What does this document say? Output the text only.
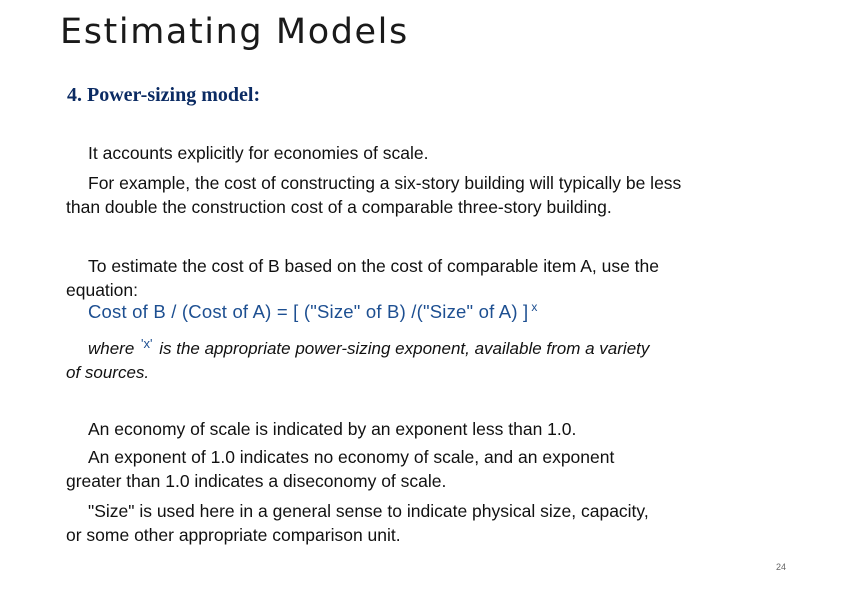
Estimating Models
4. Power-sizing model:
It accounts explicitly for economies of scale.
For example, the cost of constructing a six-story building will typically be less
than double the construction cost of a comparable three-story building.
To estimate the cost of B based on the cost of comparable item A, use the
equation:
Cost of B / (Cost of A) = [ ("Size" of B) /("Size" of A) ] $^x$
where $^{'x'}$ is the appropriate power-sizing exponent, available from a variety
of sources.
An economy of scale is indicated by an exponent less than 1.0.
An exponent of 1.0 indicates no economy of scale, and an exponent
greater than 1.0 indicates a diseconomy of scale.
"Size" is used here in a general sense to indicate physical size, capacity,
or some other appropriate comparison unit.
24
